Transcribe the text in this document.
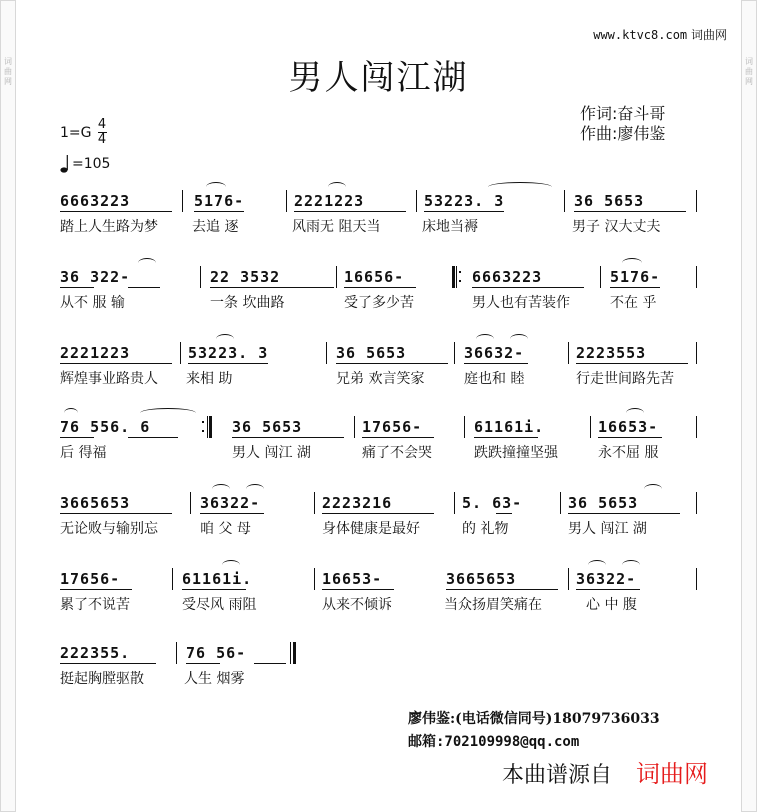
词曲网	词曲网
www.ktvc8.com 词曲网
男人闯江湖
作词:奋斗哥
作曲:廖伟鉴
$1=G \frac{4}{4}$
=105
6663223	5176-	2221223	53223. 3	36 5653
踏上人生路为梦 去追 逐	风雨无 阻天当	床地当褥	男子 汉大丈夫
36 322-	22 3532	16656-	6663223	5176-
从不 服 输	一条 坎曲路	受了多少苦	男人也有苦装作	不在 乎
2221223	53223. 3	36 5653	36632-	2223553
辉煌事业路贵人 来相 助	兄弟 欢言笑家	庭也和 睦	行走世间路先苦
76 556. 6	36 5653	17656-	61161i.	16653-
后 得福	男人 闯江 湖	痛了不会哭	跌跌撞撞坚强	永不屈 服
3665653	36322-	2223216	5. 63-	36 5653
无论败与输别忘	咱 父 母	身体健康是最好	的 礼物	男人 闯江 湖
17656-	61161i.	16653-	3665653	36322-
累了不说苦	受尽风 雨阻	从来不倾诉	当众扬眉笑痛在	心 中 腹
222355.	76 56-
挺起胸膛驱散	人生 烟雾
廖伟鉴:(电话微信同号)18079736033
邮箱:702109998@qq.com
本曲谱源自 词曲网
